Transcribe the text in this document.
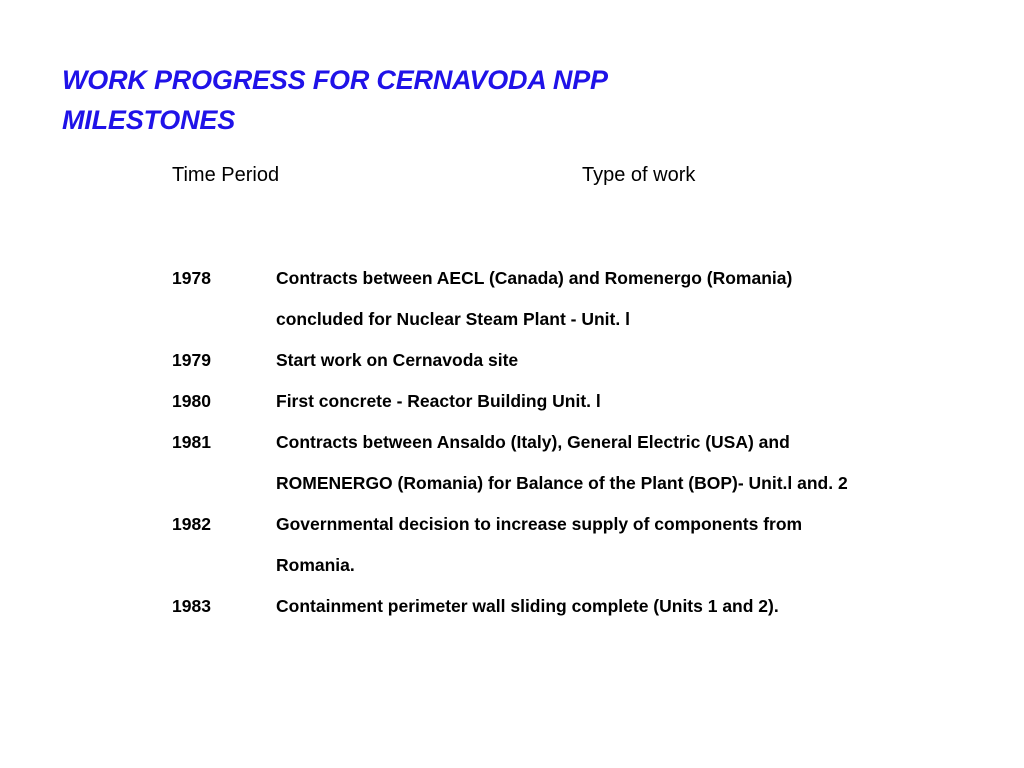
WORK PROGRESS FOR CERNAVODA NPP
MILESTONES
Time Period	Type of work
1978	Contracts between AECL (Canada) and Romenergo (Romania) concluded for Nuclear Steam Plant - Unit. l
1979	Start work on Cernavoda site
1980	First concrete - Reactor Building Unit. l
1981	Contracts between Ansaldo (Italy), General Electric (USA) and ROMENERGO (Romania) for Balance of the Plant (BOP)- Unit.l and. 2
1982	Governmental decision to increase supply of components from Romania.
1983	Containment perimeter wall sliding complete (Units 1 and 2).
